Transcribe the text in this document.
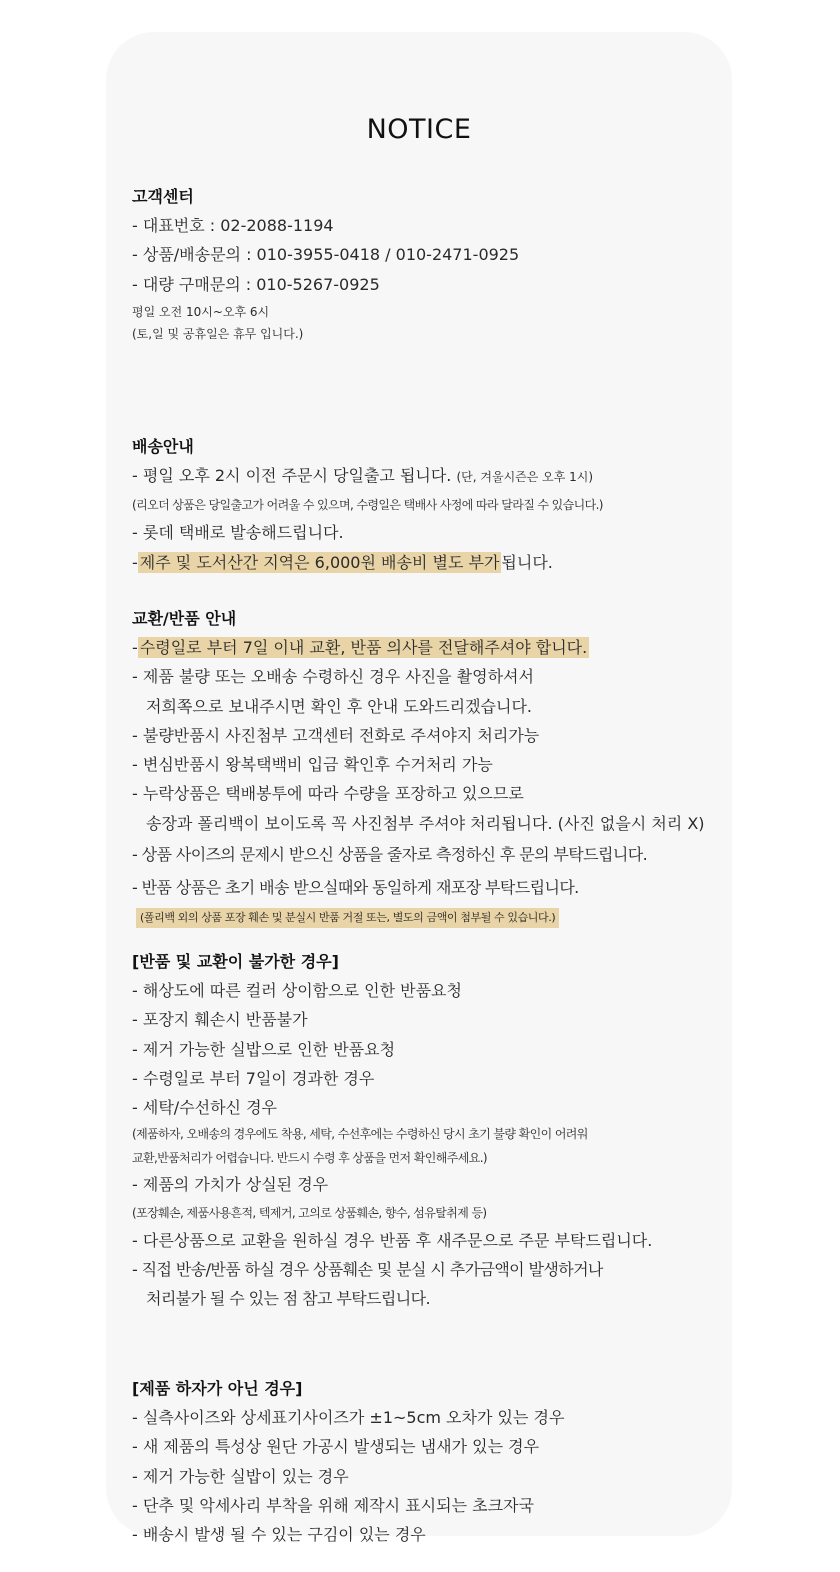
NOTICE
고객센터
- 대표번호 : 02-2088-1194
- 상품/배송문의 : 010-3955-0418 / 010-2471-0925
- 대량 구매문의 : 010-5267-0925
평일 오전 10시~오후 6시
(토,일 및 공휴일은 휴무 입니다.)
배송안내
- 평일 오후 2시 이전 주문시 당일출고 됩니다. (단, 겨울시즌은 오후 1시)
(리오더 상품은 당일출고가 어려울 수 있으며, 수령일은 택배사 사정에 따라 달라질 수 있습니다.)
- 롯데 택배로 발송해드립니다.
- 제주 및 도서산간 지역은 6,000원 배송비 별도 부가 됩니다.
교환/반품 안내
- 수령일로 부터 7일 이내 교환, 반품 의사를 전달해주셔야 합니다.
- 제품 불량 또는 오배송 수령하신 경우 사진을 촬영하셔서
저희쪽으로 보내주시면 확인 후 안내 도와드리겠습니다.
- 불량반품시 사진첨부 고객센터 전화로 주셔야지 처리가능
- 변심반품시 왕복택백비 입금 확인후 수거처리 가능
- 누락상품은 택배봉투에 따라 수량을 포장하고 있으므로
송장과 폴리백이 보이도록 꼭 사진첨부 주셔야 처리됩니다. (사진 없을시 처리 X)
- 상품 사이즈의 문제시 받으신 상품을 줄자로 측정하신 후 문의 부탁드립니다.
- 반품 상품은 초기 배송 받으실때와 동일하게 재포장 부탁드립니다.
(폴리백 외의 상품 포장 훼손 및 분실시 반품 거절 또는, 별도의 금액이 첨부될 수 있습니다.)
[반품 및 교환이 불가한 경우]
- 해상도에 따른 컬러 상이함으로 인한 반품요청
- 포장지 훼손시 반품불가
- 제거 가능한 실밥으로 인한 반품요청
- 수령일로 부터 7일이 경과한 경우
- 세탁/수선하신 경우
(제품하자, 오배송의 경우에도 착용, 세탁, 수선후에는 수령하신 당시 초기 불량 확인이 어려워
교환,반품처리가 어렵습니다. 반드시 수령 후 상품을 먼저 확인해주세요.)
- 제품의 가치가 상실된 경우
(포장훼손, 제품사용흔적, 텍제거, 고의로 상품훼손, 향수, 섬유탈취제 등)
- 다른상품으로 교환을 원하실 경우 반품 후 새주문으로 주문 부탁드립니다.
- 직접 반송/반품 하실 경우 상품훼손 및 분실 시 추가금액이 발생하거나
처리불가 될 수 있는 점 참고 부탁드립니다.
[제품 하자가 아닌 경우]
- 실측사이즈와 상세표기사이즈가 ±1~5cm 오차가 있는 경우
- 새 제품의 특성상 원단 가공시 발생되는 냄새가 있는 경우
- 제거 가능한 실밥이 있는 경우
- 단추 및 악세사리 부착을 위해 제작시 표시되는 초크자국
- 배송시 발생 될 수 있는 구김이 있는 경우
